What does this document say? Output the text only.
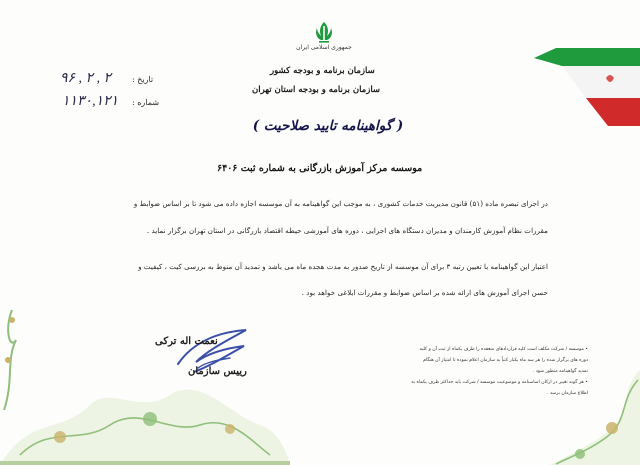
جمهوری اسلامی ایران
سازمان برنامه و بودجه کشور
سازمان برنامه و بودجه استان تهران
تاریخ :
۹۶ , ۲ , ۲
شماره :
۱۱۳۰,۱۲۱
( گواهینامه تایید صلاحیت )
موسسه مرکز آموزش بازرگانی به شماره ثبت ۶۴۰۶
در اجرای تبصره ماده (۵۱) قانون مدیریت خدمات کشوری ، به موجب این گواهینامه به آن موسسه اجازه داده می شود تا بر اساس ضوابط و
مقررات نظام آموزش کارمندان و مدیران دستگاه های اجرایی ، دوره های آموزشی حیطه اقتصاد بازرگانی در استان تهران برگزار نماید .
اعتبار این گواهینامه با تعیین رتبه ۳ برای آن موسسه از تاریخ صدور به مدت هجده ماه می باشد و تمدید آن منوط به بررسی کیت ، کیفیت و
حسن اجرای آموزش های ارائه شده بر اساس ضوابط و مقررات ابلاغی خواهد بود .
نعمت اله ترکی
رییس سازمان

• موسسه / شرکت مکلف است کلیه قراردادهای منعقده را ظرف یکماه از ثبت آن و کلیه

دوره های برگزار شده را هر سه ماه یکبار کتباً به سازمان اعلام نموده تا امتیاز آن هنگام

تمدید گواهینامه منظور شود .

• هر گونه تغییر در ارکان اساسنامه و موضوعیت موسسه / شرکت باید حداکثر ظرف یکماه به

اطلاع سازمان برسد .
